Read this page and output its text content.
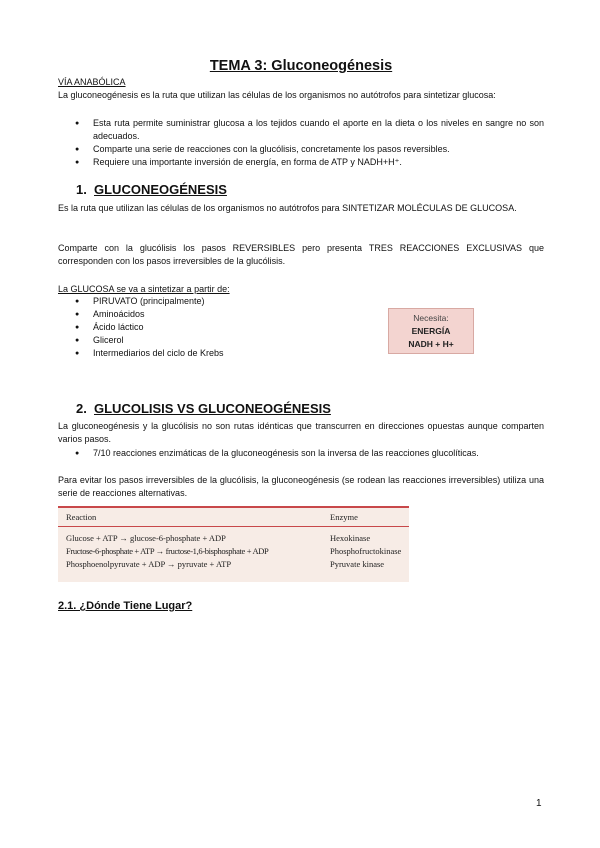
TEMA 3: Gluconeogénesis
VÍA ANABÓLICA
La gluconeogénesis es la ruta que utilizan las células de los organismos no autótrofos para sintetizar glucosa:
● Esta ruta permite suministrar glucosa a los tejidos cuando el aporte en la dieta o los niveles en sangre no son adecuados.
● Comparte una serie de reacciones con la glucólisis, concretamente los pasos reversibles.
● Requiere una importante inversión de energía, en forma de ATP y NADH+H⁺.
1. GLUCONEOGÉNESIS
Es la ruta que utilizan las células de los organismos no autótrofos para SINTETIZAR MOLÉCULAS DE GLUCOSA.
Comparte con la glucólisis los pasos REVERSIBLES pero presenta TRES REACCIONES EXCLUSIVAS que corresponden con los pasos irreversibles de la glucólisis.
La GLUCOSA se va a sintetizar a partir de:
● PIRUVATO (principalmente)
● Aminoácidos
● Ácido láctico
● Glicerol
● Intermediarios del ciclo de Krebs
Necesita:
ENERGÍA
NADH + H+
2. GLUCOLISIS VS GLUCONEOGÉNESIS
La gluconeogénesis y la glucólisis no son rutas idénticas que transcurren en direcciones opuestas aunque comparten varios pasos.
● 7/10 reacciones enzimáticas de la gluconeogénesis son la inversa de las reacciones glucolíticas.
Para evitar los pasos irreversibles de la glucólisis, la gluconeogénesis (se rodean las reacciones irreversibles) utiliza una serie de reacciones alternativas.
Reaction	Enzyme
Glucose + ATP → glucose-6-phosphate + ADP	Hexokinase
Fructose-6-phosphate + ATP → fructose-1,6-bisphosphate + ADP	Phosphofructokinase
Phosphoenolpyruvate + ADP → pyruvate + ATP	Pyruvate kinase
2.1. ¿Dónde Tiene Lugar?
1
